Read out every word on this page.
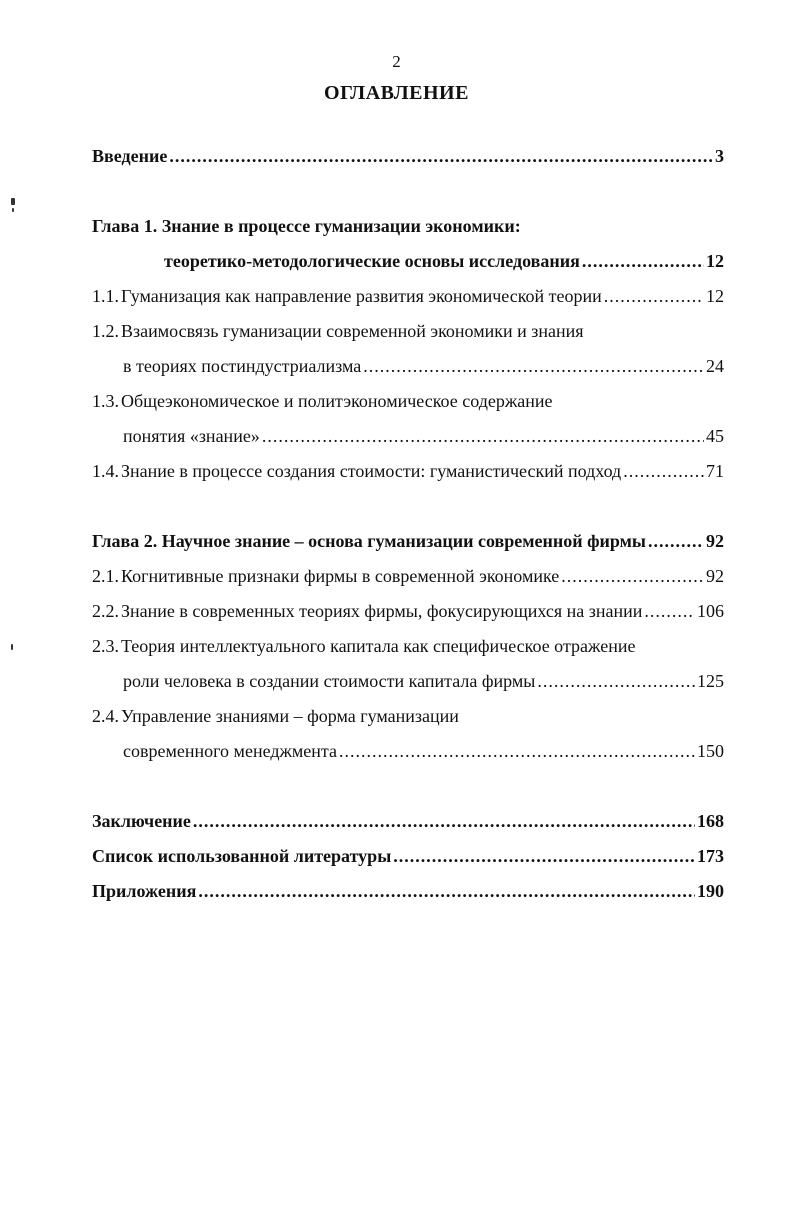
2
ОГЛАВЛЕНИЕ
Введение .....	3
Глава 1. Знание в процессе гуманизации экономики:
теоретико-методологические основы исследования .....	12
1.1. Гуманизация как направление развития экономической теории .....	12
1.2. Взаимосвязь гуманизации современной экономики и знания
в теориях постиндустриализма .....	24
1.3. Общеэкономическое и политэкономическое содержание
понятия «знание» .....	45
1.4. Знание в процессе создания стоимости: гуманистический подход .....	71
Глава 2. Научное знание – основа гуманизации современной фирмы .....	92
2.1. Когнитивные признаки фирмы в современной экономике .....	92
2.2. Знание в современных теориях фирмы, фокусирующихся на знании .....	106
2.3. Теория интеллектуального капитала как специфическое отражение
роли человека в создании стоимости капитала фирмы .....	125
2.4. Управление знаниями – форма гуманизации
современного менеджмента .....	150
Заключение .....	168
Список использованной литературы .....	173
Приложения .....	190
